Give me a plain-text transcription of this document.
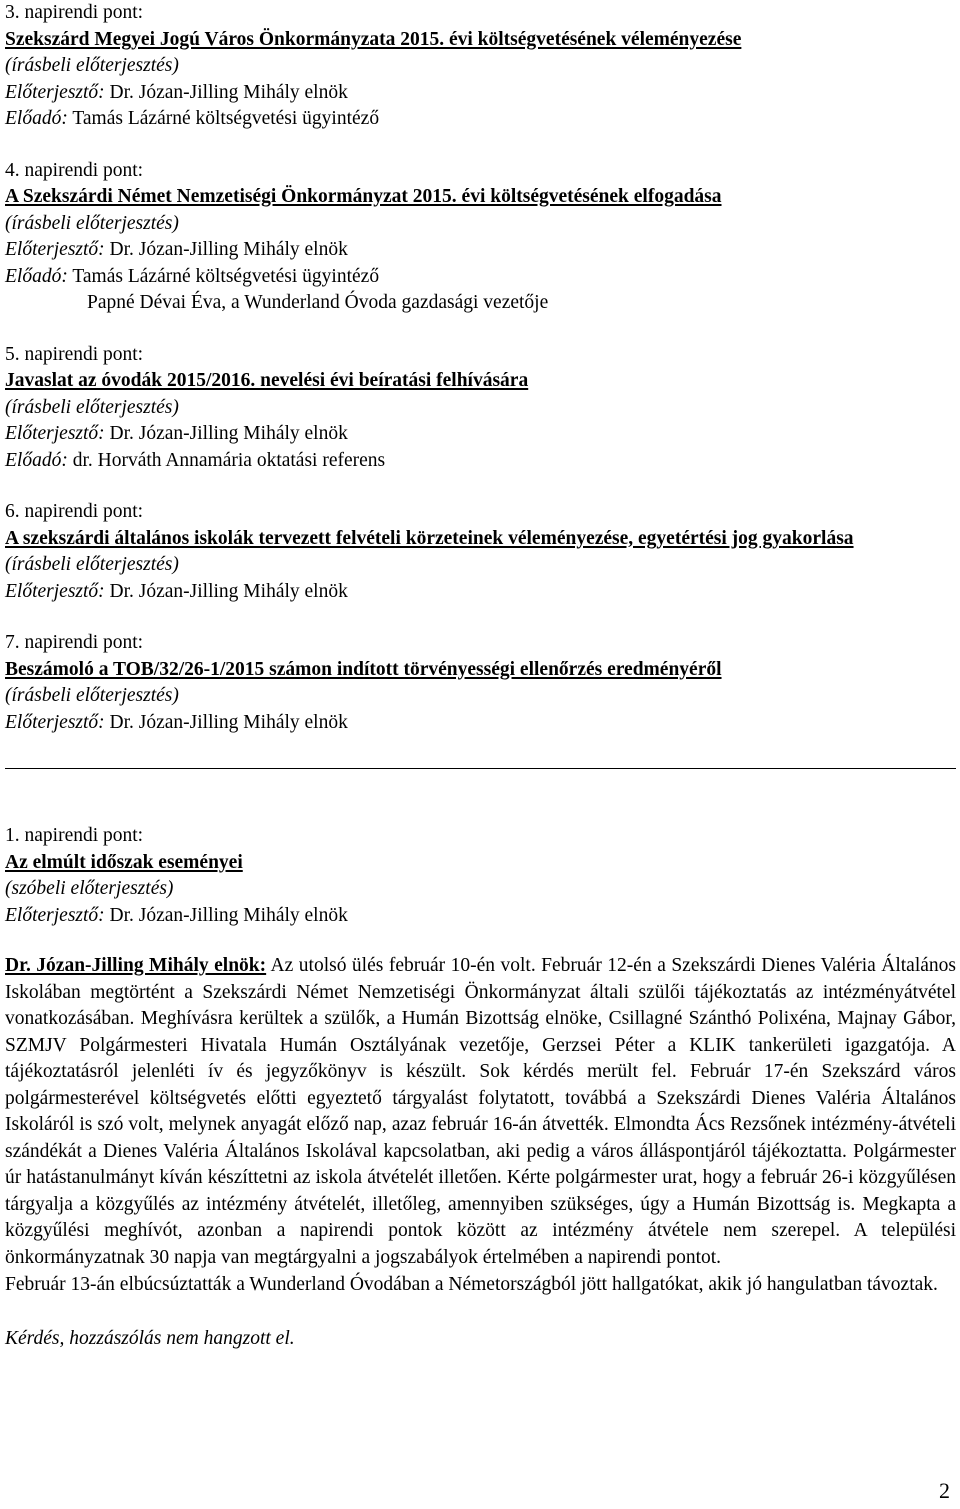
3. napirendi pont:
Szekszárd Megyei Jogú Város Önkormányzata 2015. évi költségvetésének véleményezése
(írásbeli előterjesztés)
Előterjesztő: Dr. Józan-Jilling Mihály elnök
Előadó: Tamás Lázárné költségvetési ügyintéző
4. napirendi pont:
A Szekszárdi Német Nemzetiségi Önkormányzat 2015. évi költségvetésének elfogadása
(írásbeli előterjesztés)
Előterjesztő: Dr. Józan-Jilling Mihály elnök
Előadó: Tamás Lázárné költségvetési ügyintéző
Papné Dévai Éva, a Wunderland Óvoda gazdasági vezetője
5. napirendi pont:
Javaslat az óvodák 2015/2016. nevelési évi beíratási felhívására
(írásbeli előterjesztés)
Előterjesztő: Dr. Józan-Jilling Mihály elnök
Előadó: dr. Horváth Annamária oktatási referens
6. napirendi pont:
A szekszárdi általános iskolák tervezett felvételi körzeteinek véleményezése, egyetértési jog gyakorlása
(írásbeli előterjesztés)
Előterjesztő: Dr. Józan-Jilling Mihály elnök
7. napirendi pont:
Beszámoló a TOB/32/26-1/2015 számon indított törvényességi ellenőrzés eredményéről
(írásbeli előterjesztés)
Előterjesztő: Dr. Józan-Jilling Mihály elnök
1. napirendi pont:
Az elmúlt időszak eseményei
(szóbeli előterjesztés)
Előterjesztő: Dr. Józan-Jilling Mihály elnök

Dr. Józan-Jilling Mihály elnök: Az utolsó ülés február 10-én volt. Február 12-én a Szekszárdi Dienes Valéria Általános Iskolában megtörtént a Szekszárdi Német Nemzetiségi Önkormányzat általi szülői tájékoztatás az intézményátvétel vonatkozásában. Meghívásra kerültek a szülők, a Humán Bizottság elnöke, Csillagné Szánthó Polixéna, Majnay Gábor, SZMJV Polgármesteri Hivatala Humán Osztályának vezetője, Gerzsei Péter a KLIK tankerületi igazgatója. A tájékoztatásról jelenléti ív és jegyzőkönyv is készült. Sok kérdés merült fel. Február 17-én Szekszárd város polgármesterével költségvetés előtti egyeztető tárgyalást folytatott, továbbá a Szekszárdi Dienes Valéria Általános Iskoláról is szó volt, melynek anyagát előző nap, azaz február 16-án átvették. Elmondta Ács Rezsőnek intézmény-átvételi szándékát a Dienes Valéria Általános Iskolával kapcsolatban, aki pedig a város álláspontjáról tájékoztatta. Polgármester úr hatástanulmányt kíván készíttetni az iskola átvételét illetően. Kérte polgármester urat, hogy a február 26-i közgyűlésen tárgyalja a közgyűlés az intézmény átvételét, illetőleg, amennyiben szükséges, úgy a Humán Bizottság is. Megkapta a közgyűlési meghívót, azonban a napirendi pontok között az intézmény átvétele nem szerepel. A települési önkormányzatnak 30 napja van megtárgyalni a jogszabályok értelmében a napirendi pontot.

Február 13-án elbúcsúztatták a Wunderland Óvodában a Németországból jött hallgatókat, akik jó hangulatban távoztak.

Kérdés, hozzászólás nem hangzott el.
2
